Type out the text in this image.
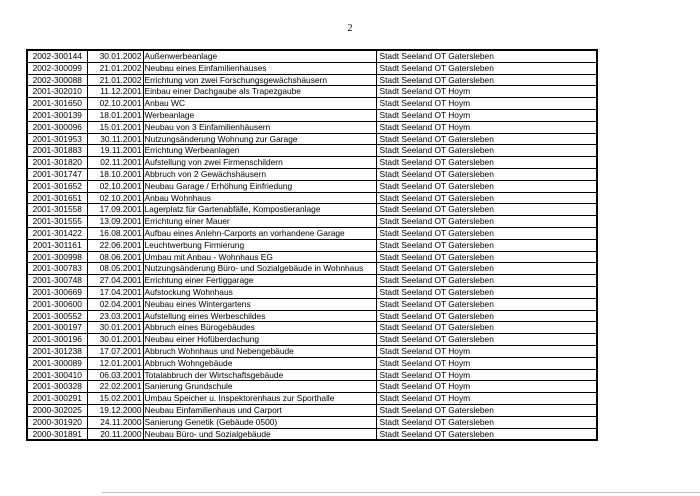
2
2002-300144	30.01.2002	Außenwerbeanlage	Stadt Seeland OT Gatersleben
2002-300099	21.01.2002	Neubau eines Einfamilienhauses	Stadt Seeland OT Gatersleben
2002-300088	21.01.2002	Errichtung von zwei Forschungsgewächshäusern	Stadt Seeland OT Gatersleben
2001-302010	11.12.2001	Einbau einer Dachgaube als Trapezgaube	Stadt Seeland OT Hoym
2001-301650	02.10.2001	Anbau WC	Stadt Seeland OT Hoym
2001-300139	18.01.2001	Werbeanlage	Stadt Seeland OT Hoym
2001-300096	15.01.2001	Neubau von 3 Einfamilienhäusern	Stadt Seeland OT Hoym
2001-301953	30.11.2001	Nutzungsänderung Wohnung zur Garage	Stadt Seeland OT Gatersleben
2001-301883	19.11.2001	Errichtung Werbeanlagen	Stadt Seeland OT Gatersleben
2001-301820	02.11.2001	Aufstellung von zwei Firmenschildern	Stadt Seeland OT Gatersleben
2001-301747	18.10.2001	Abbruch von 2 Gewächshäusern	Stadt Seeland OT Gatersleben
2001-301652	02.10.2001	Neubau Garage / Erhöhung Einfriedung	Stadt Seeland OT Gatersleben
2001-301651	02.10.2001	Anbau Wohnhaus	Stadt Seeland OT Gatersleben
2001-301558	17.09.2001	Lagerplatz für Gartenabfälle, Kompostieranlage	Stadt Seeland OT Gatersleben
2001-301555	13.09.2001	Errichtung einer Mauer	Stadt Seeland OT Gatersleben
2001-301422	16.08.2001	Aufbau eines Anlehn-Carports an vorhandene Garage	Stadt Seeland OT Gatersleben
2001-301161	22.06.2001	Leuchtwerbung Firmierung	Stadt Seeland OT Gatersleben
2001-300998	08.06.2001	Umbau mit Anbau - Wohnhaus EG	Stadt Seeland OT Gatersleben
2001-300783	08.05.2001	Nutzungsänderung Büro- und Sozialgebäude in Wohnhaus	Stadt Seeland OT Gatersleben
2001-300748	27.04.2001	Errichtung einer Fertiggarage	Stadt Seeland OT Gatersleben
2001-300669	17.04.2001	Aufstockung Wohnhaus	Stadt Seeland OT Gatersleben
2001-300600	02.04.2001	Neubau eines Wintergartens	Stadt Seeland OT Gatersleben
2001-300552	23.03.2001	Aufstellung eines Werbeschildes	Stadt Seeland OT Gatersleben
2001-300197	30.01.2001	Abbruch eines Bürogebäudes	Stadt Seeland OT Gatersleben
2001-300196	30.01.2001	Neubau einer Hofüberdachung	Stadt Seeland OT Gatersleben
2001-301238	17.07.2001	Abbruch Wohnhaus und Nebengebäude	Stadt Seeland OT Hoym
2001-300089	12.01.2001	Abbruch Wohngebäude	Stadt Seeland OT Hoym
2001-300410	06.03.2001	Totalabbruch der Wirtschaftsgebäude	Stadt Seeland OT Hoym
2001-300328	22.02.2001	Sanierung Grundschule	Stadt Seeland OT Hoym
2001-300291	15.02.2001	Umbau Speicher u. Inspektorenhaus zur Sporthalle	Stadt Seeland OT Hoym
2000-302025	19.12.2000	Neubau Einfamilienhaus und Carport	Stadt Seeland OT Gatersleben
2000-301920	24.11.2000	Sanierung Genetik (Gebäude 0500)	Stadt Seeland OT Gatersleben
2000-301891	20.11.2000	Neubau Büro- und Sozialgebäude	Stadt Seeland OT Gatersleben
